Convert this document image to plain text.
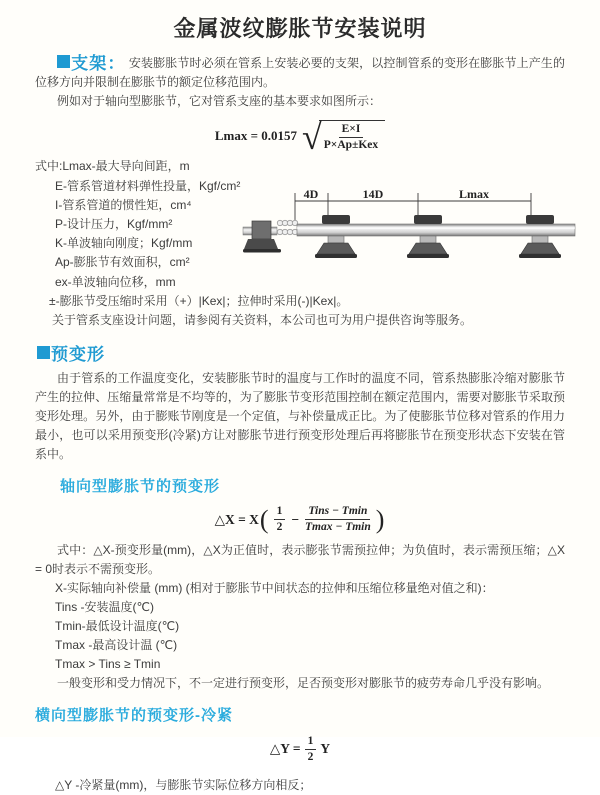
金属波纹膨胀节安装说明

支架： 安装膨胀节时必须在管系上安装必要的支架，以控制管系的变形在膨胀节上产生的位移方向并限制在膨胀节的额定位移范围内。

例如对于轴向型膨胀节，它对管系支座的基本要求如图所示：

Lmax = 0.0157 √ $\frac{E\times I}{\text{P×Ap±Kex}}$
式中:Lmax-最大导向间距，m
E-管系管道材料弹性投量，Kgf/cm²
I-管系管道的惯性矩，cm⁴
P-设计压力，Kgf/mm²
K-单波轴向刚度；Kgf/mm
Ap-膨胀节有效面积，cm²
ex-单波轴向位移，mm
±-膨胀节受压缩时采用（+）|Kex|；拉伸时采用(-)|Kex|。
关于管系支座设计问题，请参阅有关资料，本公司也可为用户提供咨询等服务。
4D	14D	Lmax
预变形

由于管系的工作温度变化，安装膨胀节时的温度与工作时的温度不同，管系热膨胀冷缩对膨胀节产生的拉伸、压缩量常常是不均等的，为了膨胀节变形范围控制在额定范围内，需要对膨胀节采取预变形处理。另外，由于膨账节刚度是一个定值，与补偿量成正比。为了使膨胀节位移对管系的作用力最小，也可以采用预变形(冷紧)方让对膨胀节进行预变形处理后再将膨胀节在预变形状态下安装在管系中。

轴向型膨胀节的预变形
△X = X ( $\frac{1}{2} - \frac{\text{Tins − Tmin}}{Tmax - Tmin}$ )

式中：△X-预变形量(mm)，△X为正值时，表示膨张节需预拉伸；为负值时，表示需预压缩；△X = 0时表示不需预变形。

X-实际轴向补偿量 (mm) (相对于膨胀节中间状态的拉伸和压缩位移量绝对值之和)：
Tins -安装温度(℃)
Tmin-最低设计温度(℃)
Tmax -最高设计温 (℃)
Tmax > Tins ≥ Tmin

一般变形和受力情况下，不一定进行预变形，足否预变形对膨胀节的疲劳寿命几乎没有影响。

横向型膨胀节的预变形-冷紧
△Y = $\frac{1}{2}$ Y
△Y -冷紧量(mm)，与膨胀节实际位移方向相反；
